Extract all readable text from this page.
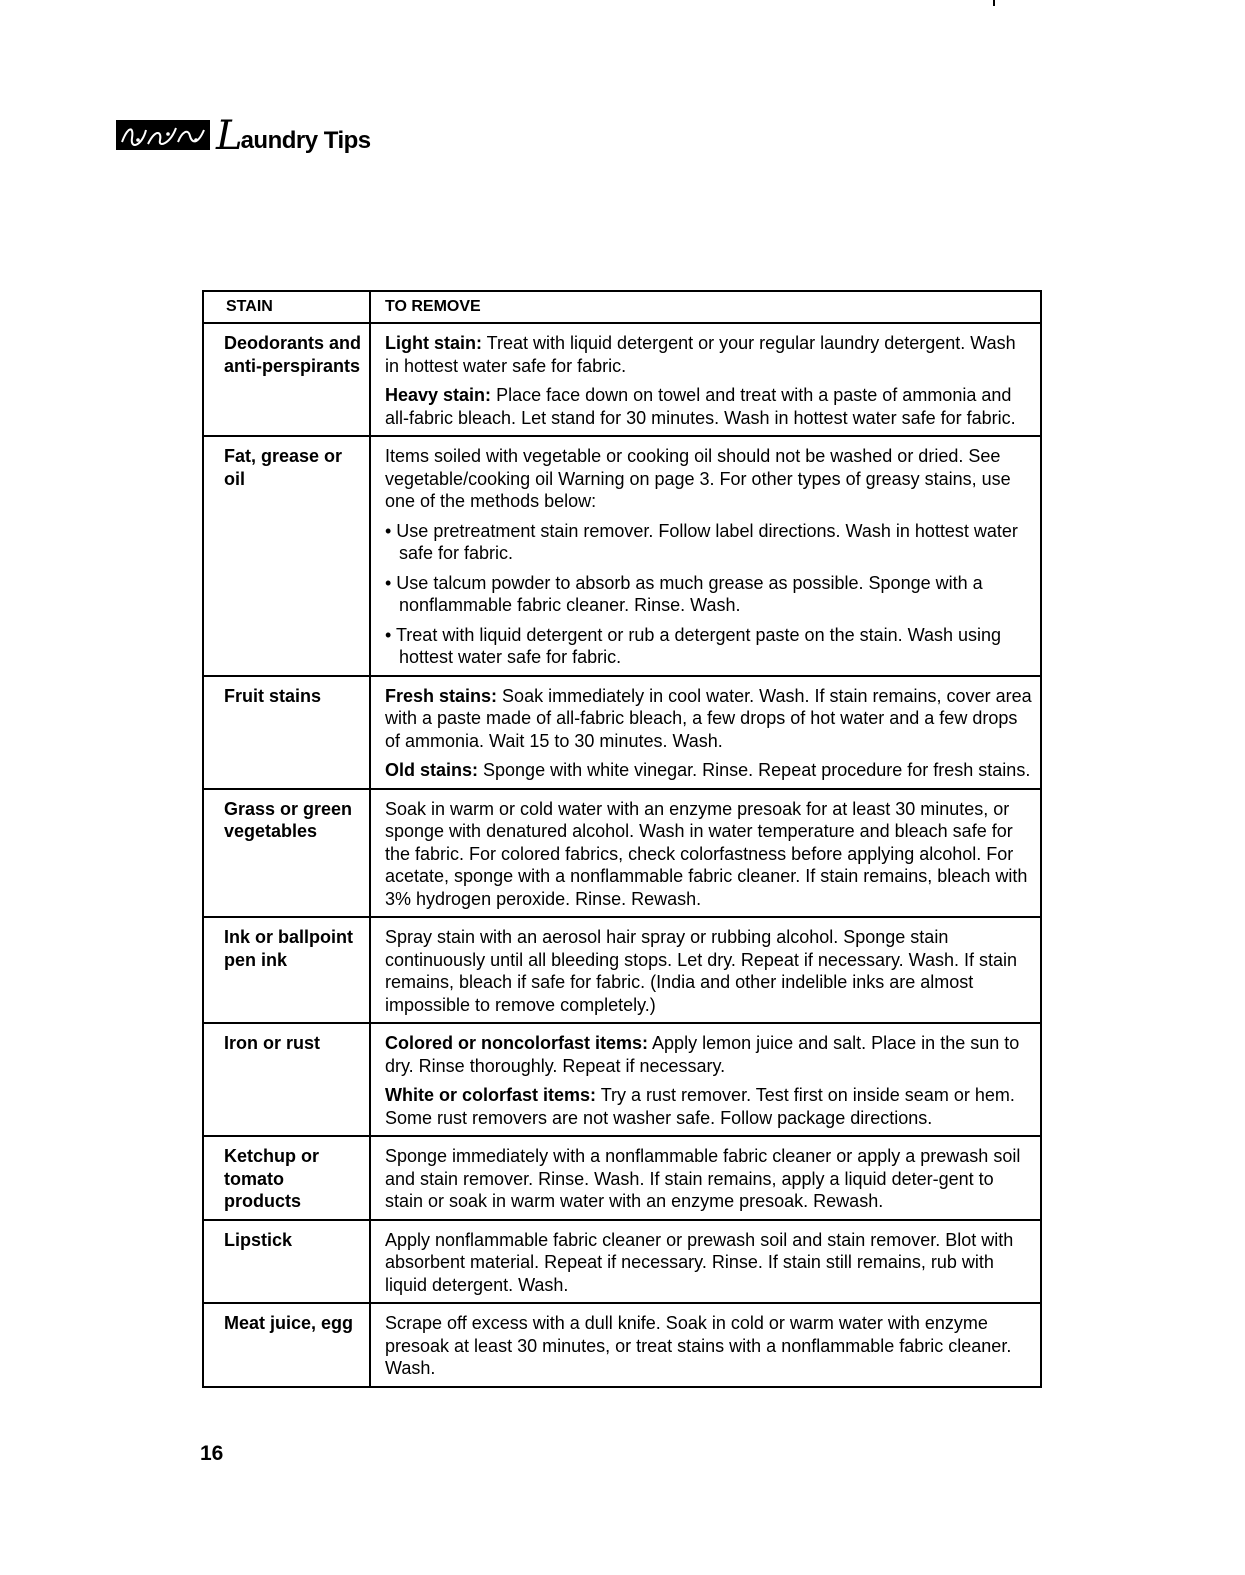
L
aundry Tips
STAIN	TO REMOVE
Deodorants and anti-perspirants	Light stain: Treat with liquid detergent or your regular laundry detergent. Wash in hottest water safe for fabric.

Heavy stain: Place face down on towel and treat with a paste of ammonia and all-fabric bleach. Let stand for 30 minutes. Wash in hottest water safe for fabric.

Fat, grease or oil	Items soiled with vegetable or cooking oil should not be washed or dried. See vegetable/cooking oil Warning on page 3. For other types of greasy stains, use one of the methods below:

• Use pretreatment stain remover. Follow label directions. Wash in hottest water safe for fabric.

• Use talcum powder to absorb as much grease as possible. Sponge with a nonflammable fabric cleaner. Rinse. Wash.

• Treat with liquid detergent or rub a detergent paste on the stain. Wash using hottest water safe for fabric.

Fruit stains	Fresh stains: Soak immediately in cool water. Wash. If stain remains, cover area with a paste made of all-fabric bleach, a few drops of hot water and a few drops of ammonia. Wait 15 to 30 minutes. Wash.

Old stains: Sponge with white vinegar. Rinse. Repeat procedure for fresh stains.

Grass or green vegetables	Soak in warm or cold water with an enzyme presoak for at least 30 minutes, or sponge with denatured alcohol. Wash in water temperature and bleach safe for the fabric. For colored fabrics, check colorfastness before applying alcohol. For acetate, sponge with a nonflammable fabric cleaner. If stain remains, bleach with 3% hydrogen peroxide. Rinse. Rewash.

Ink or ballpoint pen ink	Spray stain with an aerosol hair spray or rubbing alcohol. Sponge stain continuously until all bleeding stops. Let dry. Repeat if necessary. Wash. If stain remains, bleach if safe for fabric. (India and other indelible inks are almost impossible to remove completely.)

Iron or rust	Colored or noncolorfast items: Apply lemon juice and salt. Place in the sun to dry. Rinse thoroughly. Repeat if necessary.

White or colorfast items: Try a rust remover. Test first on inside seam or hem. Some rust removers are not washer safe. Follow package directions.

Ketchup or tomato products	Sponge immediately with a nonflammable fabric cleaner or apply a prewash soil and stain remover. Rinse. Wash. If stain remains, apply a liquid deter-gent to stain or soak in warm water with an enzyme presoak. Rewash.

Lipstick	Apply nonflammable fabric cleaner or prewash soil and stain remover. Blot with absorbent material. Repeat if necessary. Rinse. If stain still remains, rub with liquid detergent. Wash.

Meat juice, egg	Scrape off excess with a dull knife. Soak in cold or warm water with enzyme presoak at least 30 minutes, or treat stains with a nonflammable fabric cleaner. Wash.

16
